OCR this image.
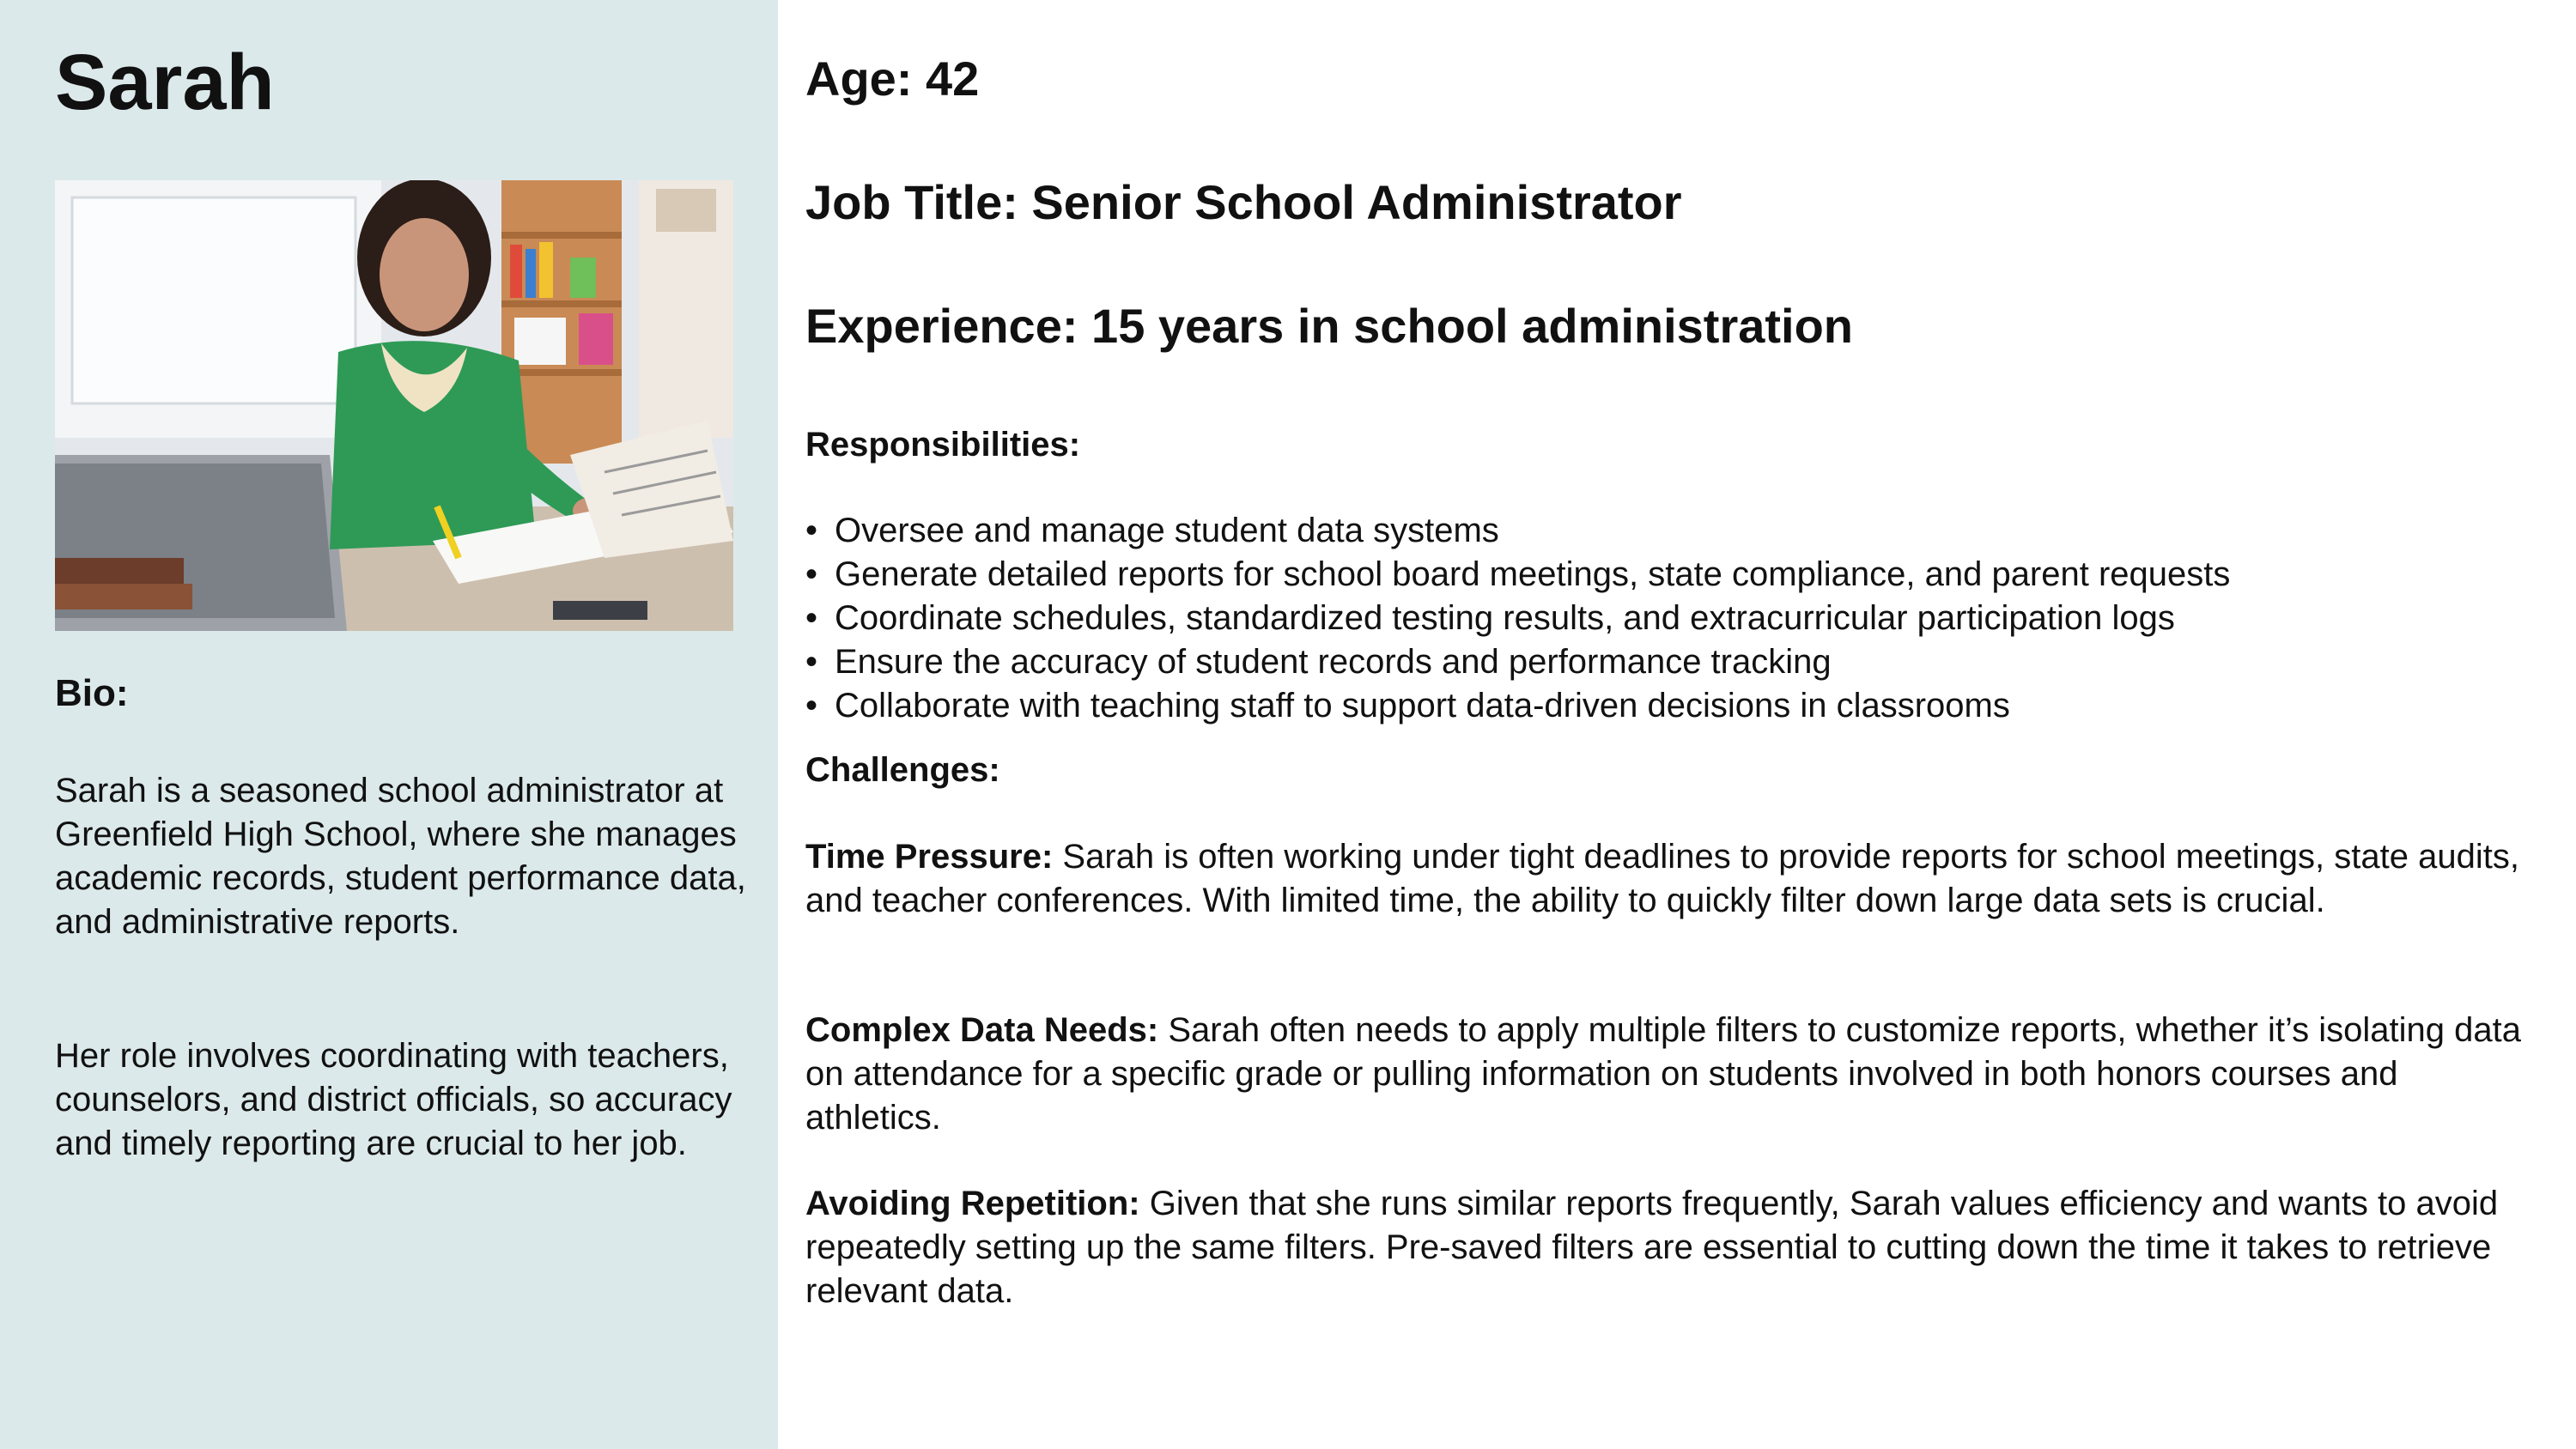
Sarah
Bio:

Sarah is a seasoned school administrator at Greenfield High School, where she manages academic records, student performance data, and administrative reports.

Her role involves coordinating with teachers, counselors, and district officials, so accuracy and timely reporting are crucial to her job.

Age: 42
Job Title: Senior School Administrator
Experience: 15 years in school administration
Responsibilities:
• Oversee and manage student data systems
• Generate detailed reports for school board meetings, state compliance, and parent requests
• Coordinate schedules, standardized testing results, and extracurricular participation logs
• Ensure the accuracy of student records and performance tracking
• Collaborate with teaching staff to support data-driven decisions in classrooms
Challenges:

Time Pressure: Sarah is often working under tight deadlines to provide reports for school meetings, state audits, and teacher conferences. With limited time, the ability to quickly filter down large data sets is crucial.

Complex Data Needs: Sarah often needs to apply multiple filters to customize reports, whether it’s isolating data on attendance for a specific grade or pulling information on students involved in both honors courses and athletics.

Avoiding Repetition: Given that she runs similar reports frequently, Sarah values efficiency and wants to avoid repeatedly setting up the same filters. Pre-saved filters are essential to cutting down the time it takes to retrieve relevant data.
